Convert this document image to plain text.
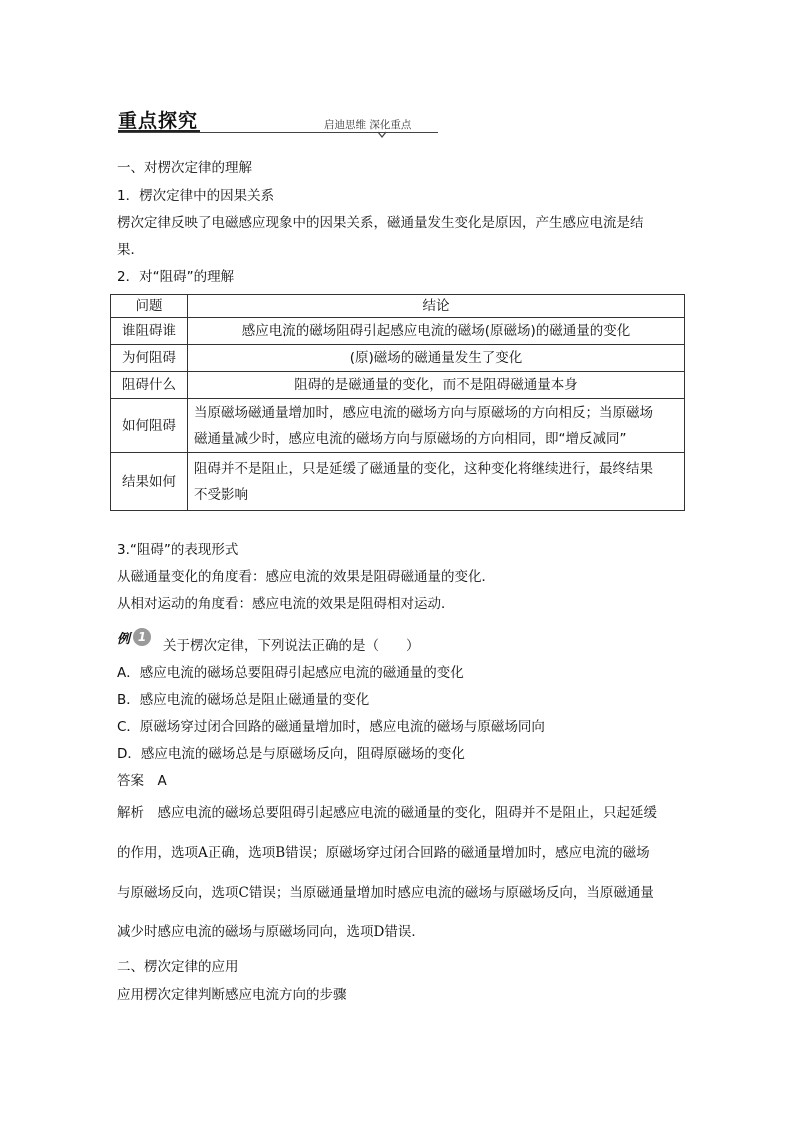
重点探究	启迪思维 深化重点
一、对楞次定律的理解
1．楞次定律中的因果关系
楞次定律反映了电磁感应现象中的因果关系，磁通量发生变化是原因，产生感应电流是结
果．
2．对“阻碍”的理解
问题	结论
谁阻碍谁	感应电流的磁场阻碍引起感应电流的磁场(原磁场)的磁通量的变化
为何阻碍	(原)磁场的磁通量发生了变化
阻碍什么	阻碍的是磁通量的变化，而不是阻碍磁通量本身
如何阻碍	当原磁场磁通量增加时，感应电流的磁场方向与原磁场的方向相反；当原磁场
磁通量减少时，感应电流的磁场方向与原磁场的方向相同，即“增反减同”

结果如何	阻碍并不是阻止，只是延缓了磁通量的变化，这种变化将继续进行，最终结果
不受影响
3.“阻碍”的表现形式
从磁通量变化的角度看：感应电流的效果是阻碍磁通量的变化．
从相对运动的角度看：感应电流的效果是阻碍相对运动．
例 1
关于楞次定律，下列说法正确的是（　　）
A．感应电流的磁场总要阻碍引起感应电流的磁通量的变化
B．感应电流的磁场总是阻止磁通量的变化
C．原磁场穿过闭合回路的磁通量增加时，感应电流的磁场与原磁场同向
D．感应电流的磁场总是与原磁场反向，阻碍原磁场的变化
答案　A
解析　感应电流的磁场总要阻碍引起感应电流的磁通量的变化，阻碍并不是阻止，只起延缓
的作用，选项A正确，选项B错误；原磁场穿过闭合回路的磁通量增加时，感应电流的磁场
与原磁场反向，选项C错误；当原磁通量增加时感应电流的磁场与原磁场反向，当原磁通量
减少时感应电流的磁场与原磁场同向，选项D错误．
二、楞次定律的应用
应用楞次定律判断感应电流方向的步骤
